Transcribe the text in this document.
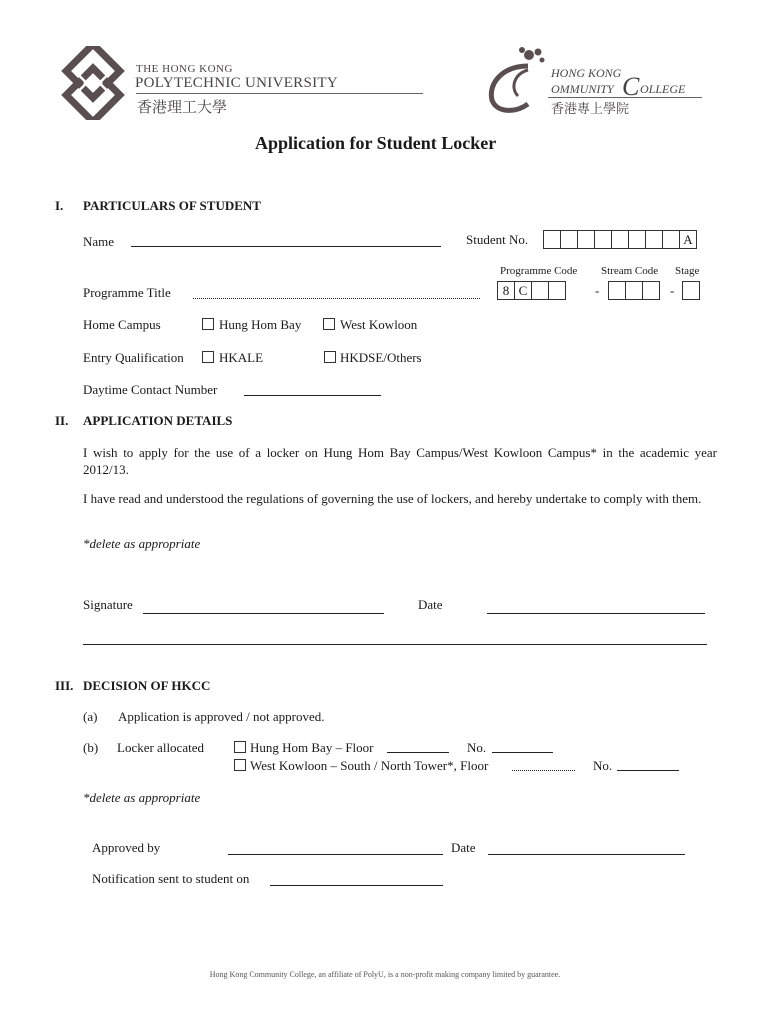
THE HONG KONG
POLYTECHNIC UNIVERSITY
香港理工大學
HONG KONG
OMMUNITY C OLLEGE
香港專上學院
Application for Student Locker
I. PARTICULARS OF STUDENT
Name	Student No.	A
Programme Code Stream Code Stage
Programme Title	8 C	-	-
Home Campus	Hung Hom Bay	West Kowloon
Entry Qualification	HKALE	HKDSE/Others
Daytime Contact Number
II. APPLICATION DETAILS
I wish to apply for the use of a locker on Hung Hom Bay Campus/West Kowloon Campus* in the academic year 2012/13.
I have read and understood the regulations of governing the use of lockers, and hereby undertake to comply with them.
*delete as appropriate
Signature	Date
III. DECISION OF HKCC
(a) Application is approved / not approved.
(b) Locker allocated	Hung Hom Bay – Floor	No.
West Kowloon – South / North Tower*, Floor	No.
*delete as appropriate
Approved by	Date
Notification sent to student on
Hong Kong Community College, an affiliate of PolyU, is a non-profit making company limited by guarantee.
